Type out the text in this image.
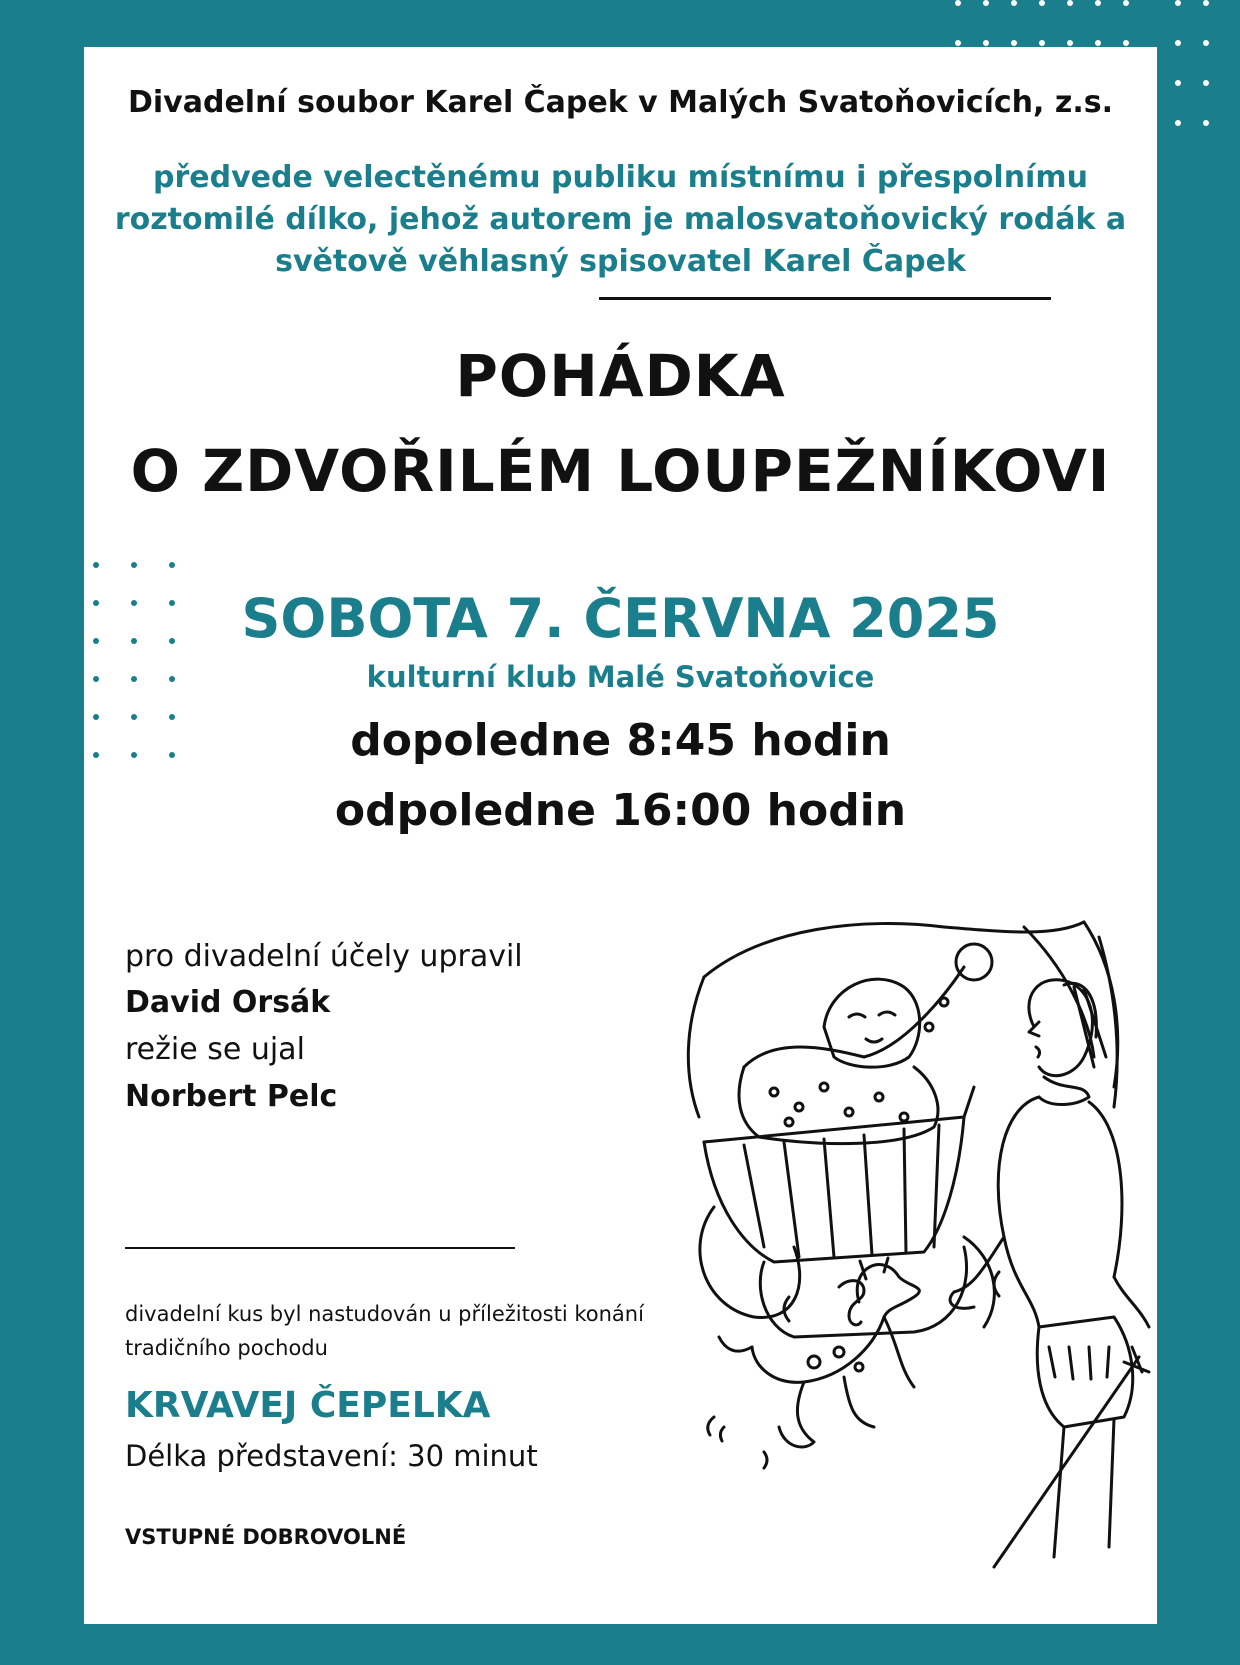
Divadelní soubor Karel Čapek v Malých Svatoňovicích, z.s.

předvede velectěnému publiku místnímu i přespolnímu
roztomilé dílko, jehož autorem je malosvatoňovický rodák a
světově věhlasný spisovatel Karel Čapek

POHÁDKA

O ZDVOŘILÉM LOUPEŽNÍKOVI

SOBOTA 7. ČERVNA 2025

kulturní klub Malé Svatoňovice

dopoledne 8:45 hodin

odpoledne 16:00 hodin

pro divadelní účely upravil

David Orsák

režie se ujal

Norbert Pelc

divadelní kus byl nastudován u příležitosti konání

tradičního pochodu

KRVAVEJ ČEPELKA

Délka představení: 30 minut

VSTUPNÉ DOBROVOLNÉ
